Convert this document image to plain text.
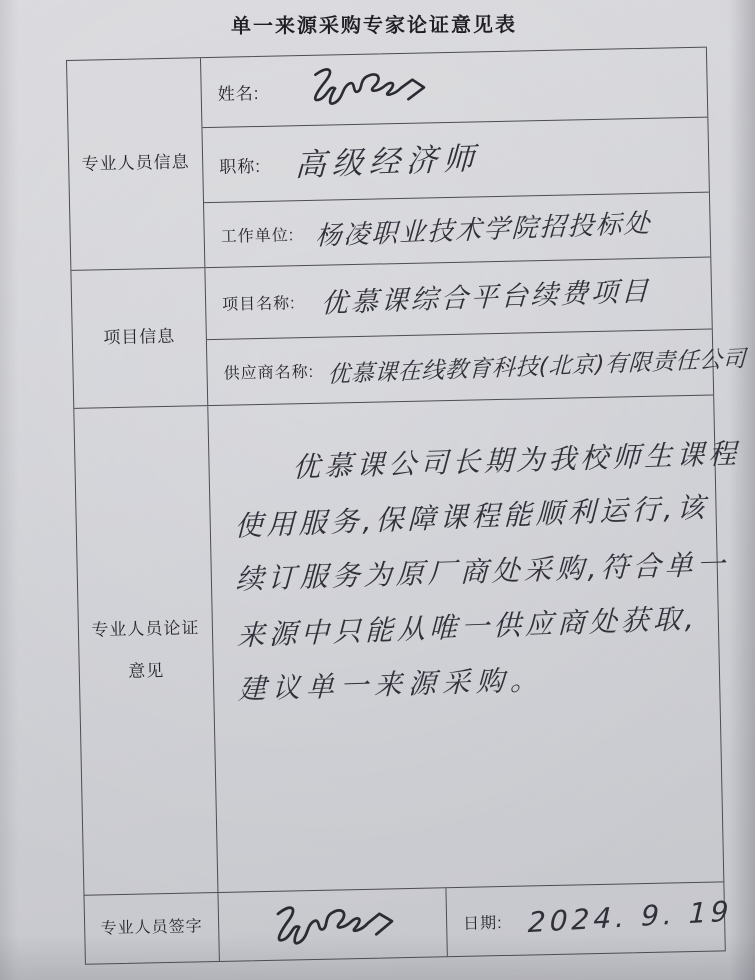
单一来源采购专家论证意见表
专业人员信息
姓名:
职称: 高级经济师
工作单位: 杨凌职业技术学院招投标处
项目信息
项目名称: 优慕课综合平台续费项目
供应商名称: 优慕课在线教育科技(北京)有限责任公司
专业人员论证
意见
优慕课公司长期为我校师生课程
使用服务,保障课程能顺利运行,该
续订服务为原厂商处采购,符合单一
来源中只能从唯一供应商处获取,
建议单一来源采购。
专业人员签字	日期: 2024. 9. 19
